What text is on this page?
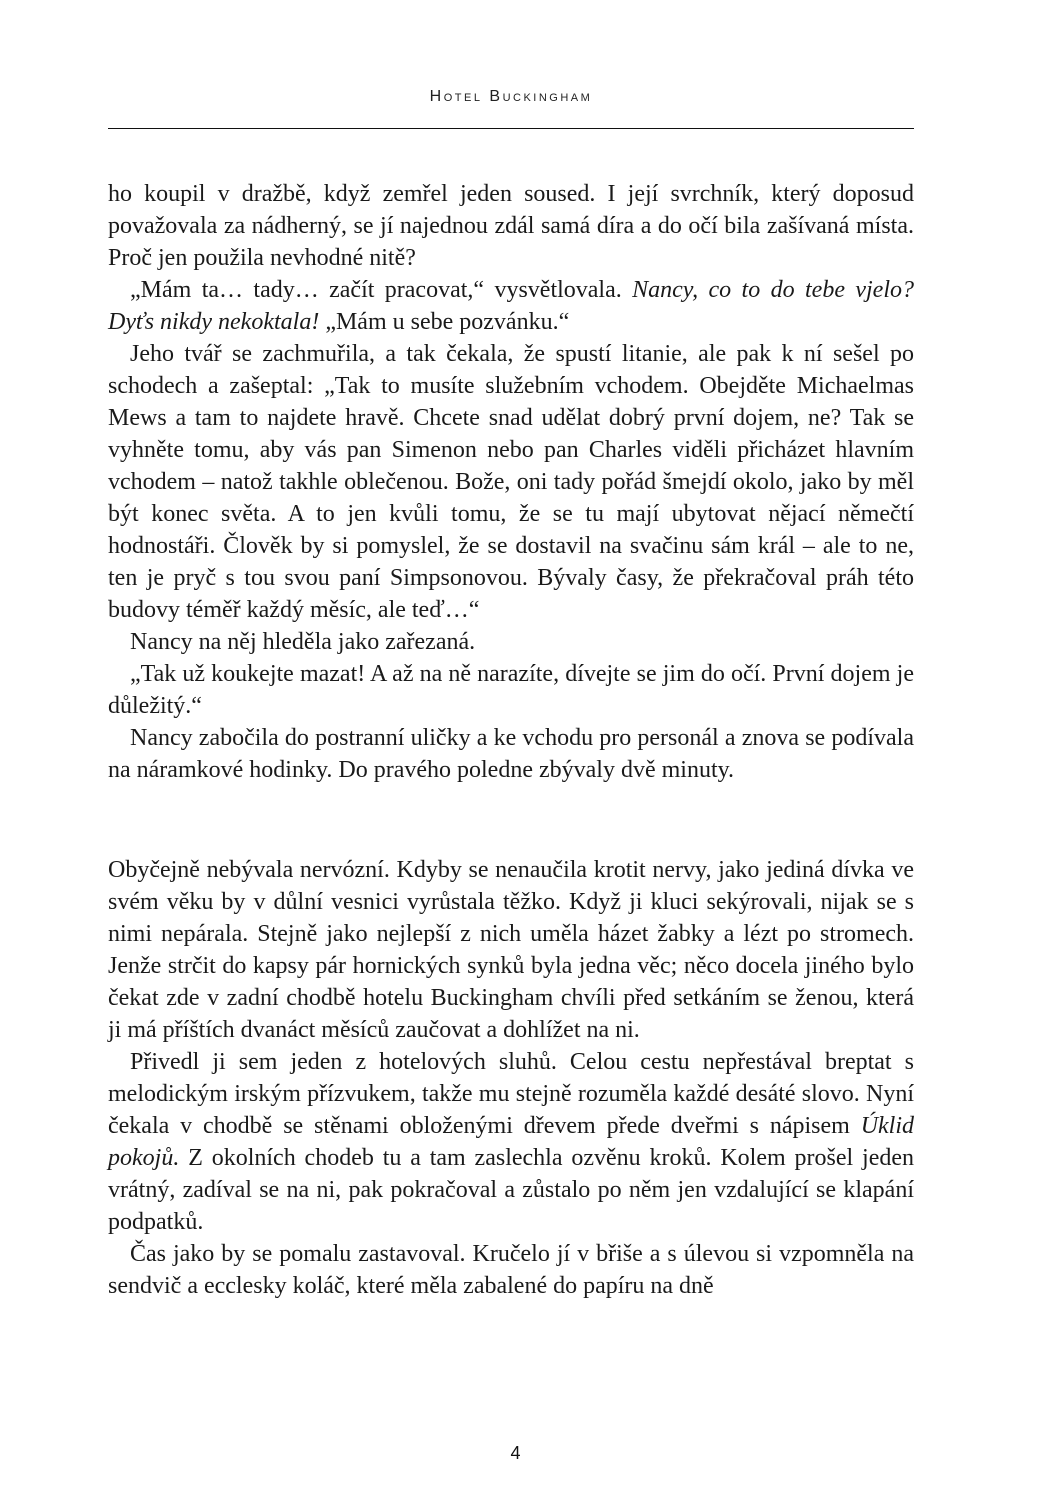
Hotel Buckingham

ho koupil v dražbě, když zemřel jeden soused. I její svrchník, který doposud považovala za nádherný, se jí najednou zdál samá díra a do očí bila zašívaná místa. Proč jen použila nevhodné nitě?

„Mám ta… tady… začít pracovat,“ vysvětlovala. Nancy, co to do tebe vjelo? Dyťs nikdy nekoktala! „Mám u sebe pozvánku.“

Jeho tvář se zachmuřila, a tak čekala, že spustí litanie, ale pak k ní sešel po schodech a zašeptal: „Tak to musíte služebním vchodem. Obejděte Michaelmas Mews a tam to najdete hravě. Chcete snad udělat dobrý první dojem, ne? Tak se vyhněte tomu, aby vás pan Simenon nebo pan Charles viděli přicházet hlavním vchodem – natož takhle oblečenou. Bože, oni tady pořád šmejdí okolo, jako by měl být konec světa. A to jen kvůli tomu, že se tu mají ubytovat nějací němečtí hodnostáři. Člověk by si pomyslel, že se dostavil na svačinu sám král – ale to ne, ten je pryč s tou svou paní Simpsonovou. Bývaly časy, že překračoval práh této budovy téměř každý měsíc, ale teď…“

Nancy na něj hleděla jako zařezaná.

„Tak už koukejte mazat! A až na ně narazíte, dívejte se jim do očí. První dojem je důležitý.“

Nancy zabočila do postranní uličky a ke vchodu pro personál a znova se podívala na náramkové hodinky. Do pravého poledne zbývaly dvě minuty.

Obyčejně nebývala nervózní. Kdyby se nenaučila krotit nervy, jako jediná dívka ve svém věku by v důlní vesnici vyrůstala těžko. Když ji kluci sekýrovali, nijak se s nimi nepárala. Stejně jako nejlepší z nich uměla házet žabky a lézt po stromech. Jenže strčit do kapsy pár hornických synků byla jedna věc; něco docela jiného bylo čekat zde v zadní chodbě hotelu Buckingham chvíli před setkáním se ženou, která ji má příštích dvanáct měsíců zaučovat a dohlížet na ni.

Přivedl ji sem jeden z hotelových sluhů. Celou cestu nepřestával breptat s melodickým irským přízvukem, takže mu stejně rozuměla každé desáté slovo. Nyní čekala v chodbě se stěnami obloženými dřevem přede dveřmi s nápisem Úklid pokojů. Z okolních chodeb tu a tam zaslechla ozvěnu kroků. Kolem prošel jeden vrátný, zadíval se na ni, pak pokračoval a zůstalo po něm jen vzdalující se klapání podpatků.

Čas jako by se pomalu zastavoval. Kručelo jí v břiše a s úlevou si vzpomněla na sendvič a ecclesky koláč, které měla zabalené do papíru na dně

4
